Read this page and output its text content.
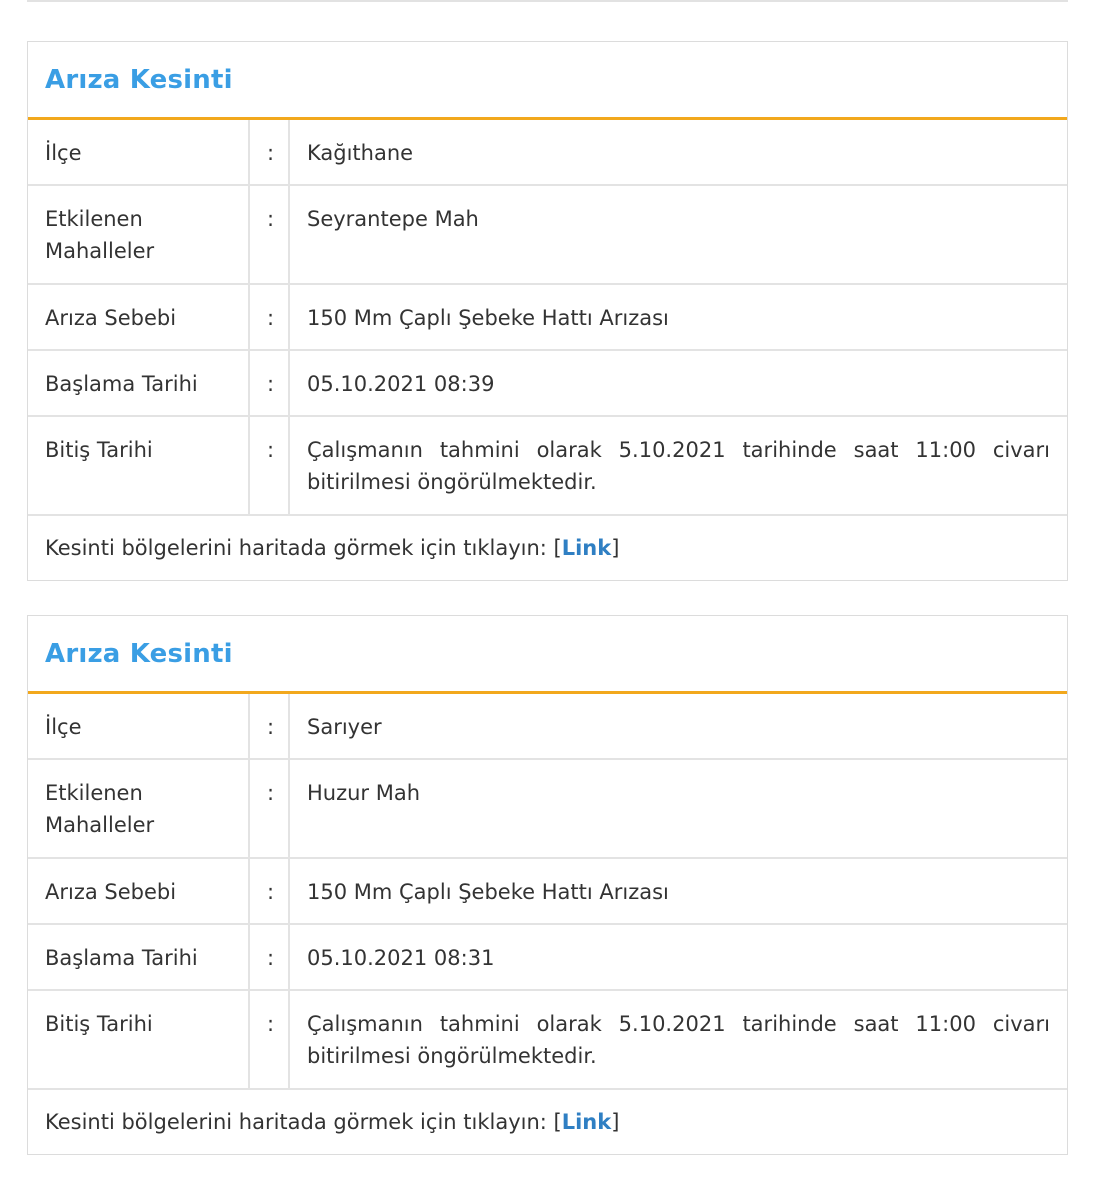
Arıza Kesinti
İlçe	:	Kağıthane
Etkilenen Mahalleler	:	Seyrantepe Mah
Arıza Sebebi	:	150 Mm Çaplı Şebeke Hattı Arızası
Başlama Tarihi	:	05.10.2021 08:39
Bitiş Tarihi	:	Çalışmanın tahmini olarak 5.10.2021 tarihinde saat 11:00 civarı bitirilmesi öngörülmektedir.
Kesinti bölgelerini haritada görmek için tıklayın: [Link]
Arıza Kesinti
İlçe	:	Sarıyer
Etkilenen Mahalleler	:	Huzur Mah
Arıza Sebebi	:	150 Mm Çaplı Şebeke Hattı Arızası
Başlama Tarihi	:	05.10.2021 08:31
Bitiş Tarihi	:	Çalışmanın tahmini olarak 5.10.2021 tarihinde saat 11:00 civarı bitirilmesi öngörülmektedir.
Kesinti bölgelerini haritada görmek için tıklayın: [Link]
